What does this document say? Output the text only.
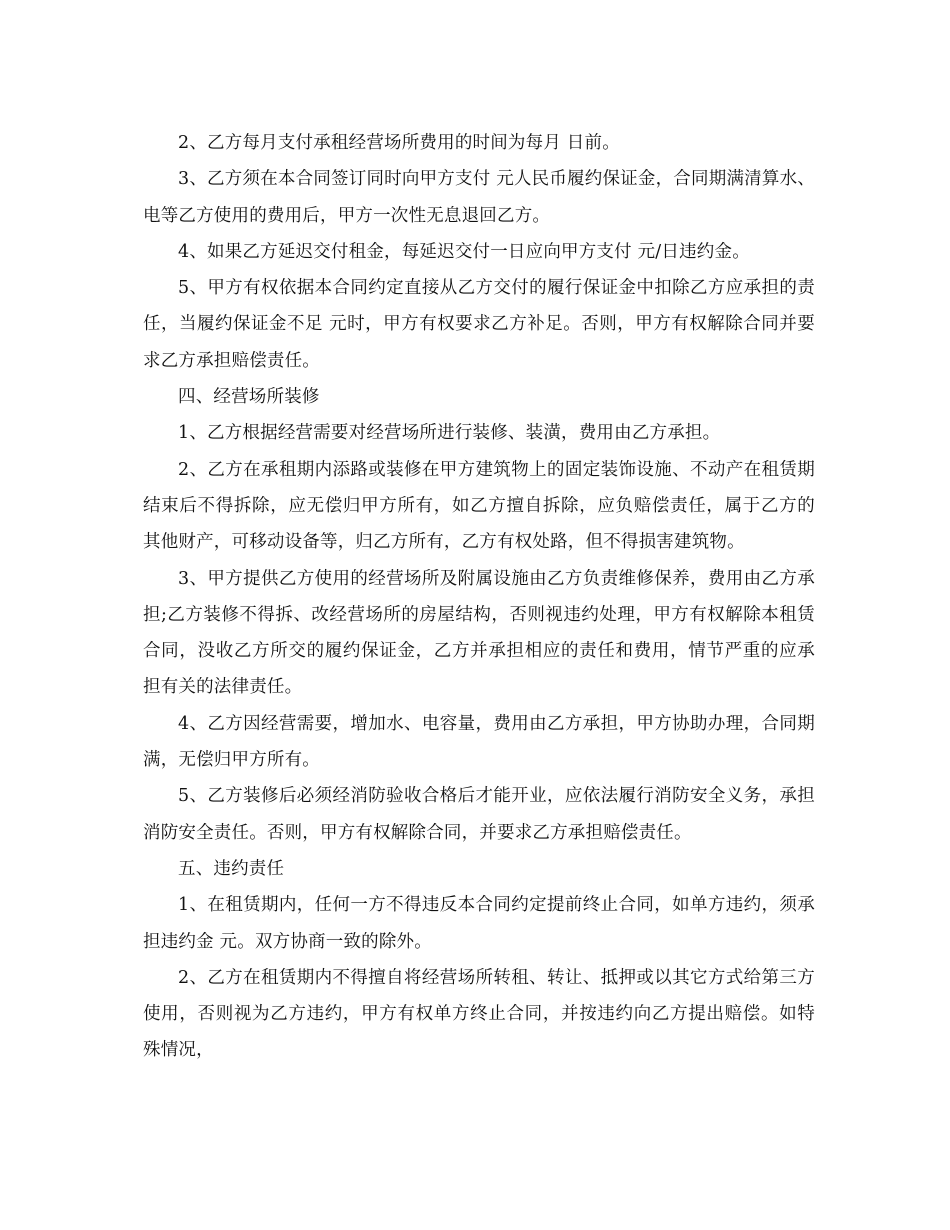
2、乙方每月支付承租经营场所费用的时间为每月 日前。

3、乙方须在本合同签订同时向甲方支付 元人民币履约保证金，合同期满清算水、电等乙方使用的费用后，甲方一次性无息退回乙方。

4、如果乙方延迟交付租金，每延迟交付一日应向甲方支付 元/日违约金。

5、甲方有权依据本合同约定直接从乙方交付的履行保证金中扣除乙方应承担的责任，当履约保证金不足 元时，甲方有权要求乙方补足。否则，甲方有权解除合同并要求乙方承担赔偿责任。

四、经营场所装修

1、乙方根据经营需要对经营场所进行装修、装潢，费用由乙方承担。

2、乙方在承租期内添路或装修在甲方建筑物上的固定装饰设施、不动产在租赁期结束后不得拆除，应无偿归甲方所有，如乙方擅自拆除，应负赔偿责任，属于乙方的其他财产，可移动设备等，归乙方所有，乙方有权处路，但不得损害建筑物。

3、甲方提供乙方使用的经营场所及附属设施由乙方负责维修保养，费用由乙方承担;乙方装修不得拆、改经营场所的房屋结构，否则视违约处理，甲方有权解除本租赁合同，没收乙方所交的履约保证金，乙方并承担相应的责任和费用，情节严重的应承担有关的法律责任。

4、乙方因经营需要，增加水、电容量，费用由乙方承担，甲方协助办理，合同期满，无偿归甲方所有。

5、乙方装修后必须经消防验收合格后才能开业，应依法履行消防安全义务，承担消防安全责任。否则，甲方有权解除合同，并要求乙方承担赔偿责任。

五、违约责任

1、在租赁期内，任何一方不得违反本合同约定提前终止合同，如单方违约，须承担违约金 元。双方协商一致的除外。

2、乙方在租赁期内不得擅自将经营场所转租、转让、抵押或以其它方式给第三方使用，否则视为乙方违约，甲方有权单方终止合同，并按违约向乙方提出赔偿。如特殊情况，
